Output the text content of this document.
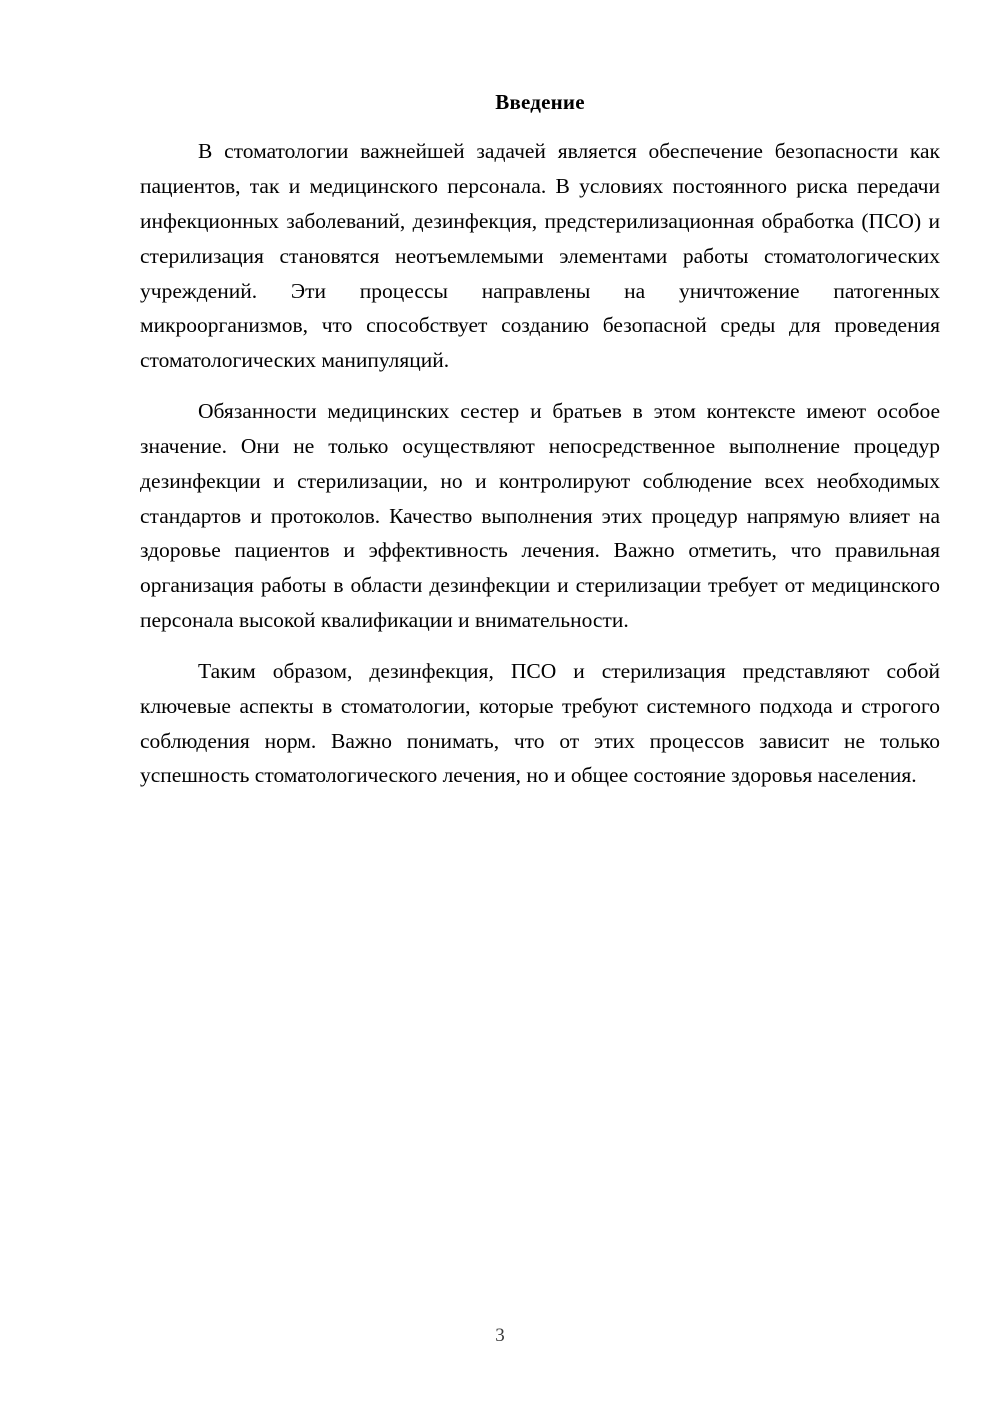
Введение

В стоматологии важнейшей задачей является обеспечение безопасности как пациентов, так и медицинского персонала. В условиях постоянного риска передачи инфекционных заболеваний, дезинфекция, предстерилизационная обработка (ПСО) и стерилизация становятся неотъемлемыми элементами работы стоматологических учреждений. Эти процессы направлены на уничтожение патогенных микроорганизмов, что способствует созданию безопасной среды для проведения стоматологических манипуляций.

Обязанности медицинских сестер и братьев в этом контексте имеют особое значение. Они не только осуществляют непосредственное выполнение процедур дезинфекции и стерилизации, но и контролируют соблюдение всех необходимых стандартов и протоколов. Качество выполнения этих процедур напрямую влияет на здоровье пациентов и эффективность лечения. Важно отметить, что правильная организация работы в области дезинфекции и стерилизации требует от медицинского персонала высокой квалификации и внимательности.

Таким образом, дезинфекция, ПСО и стерилизация представляют собой ключевые аспекты в стоматологии, которые требуют системного подхода и строгого соблюдения норм. Важно понимать, что от этих процессов зависит не только успешность стоматологического лечения, но и общее состояние здоровья населения.

3
